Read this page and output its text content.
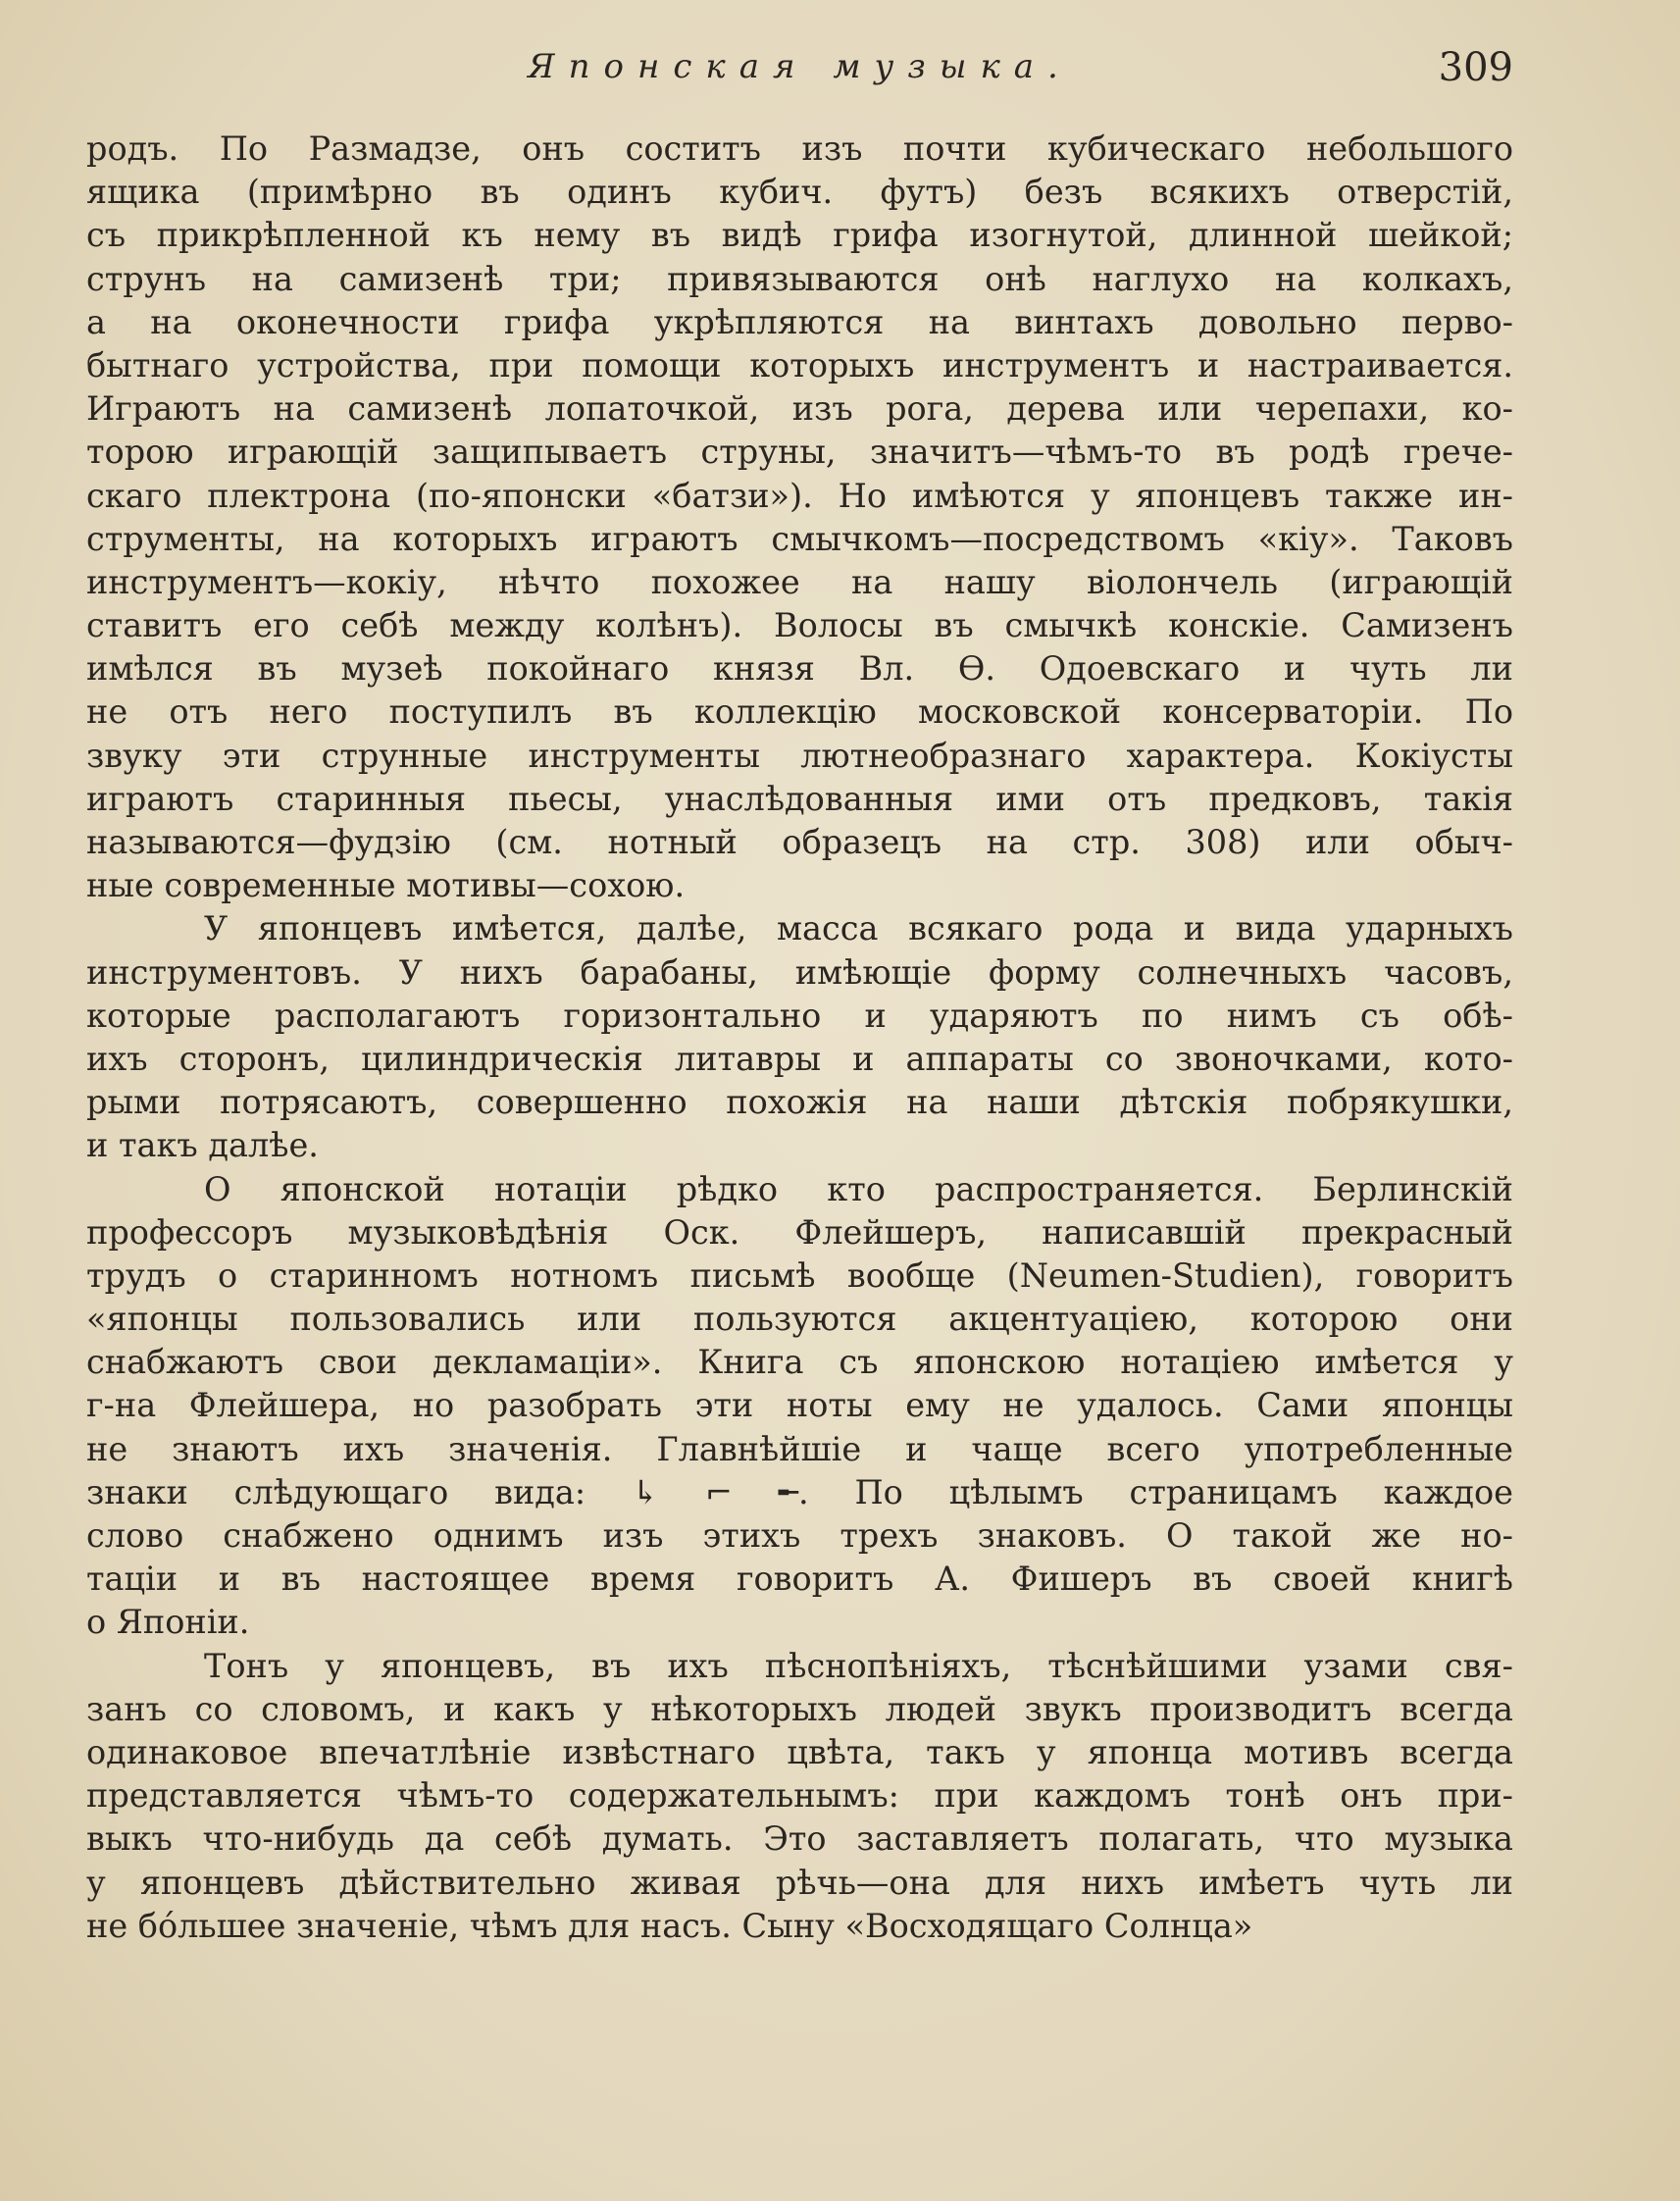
Японская музыка.	309
родъ. По Размадзе, онъ соститъ изъ почти кубическаго небольшого
ящика (примѣрно въ одинъ кубич. футъ) безъ всякихъ отверстій,
съ прикрѣпленной къ нему въ видѣ грифа изогнутой, длинной шейкой;
струнъ на самизенѣ три; привязываются онѣ наглухо на колкахъ,
а на оконечности грифа укрѣпляются на винтахъ довольно перво-
бытнаго устройства, при помощи которыхъ инструментъ и настраивается.
Играютъ на самизенѣ лопаточкой, изъ рога, дерева или черепахи, ко-
торою играющій защипываетъ струны, значитъ—чѣмъ-то въ родѣ грече-
скаго плектрона (по-японски «батзи»). Но имѣются у японцевъ также ин-
струменты, на которыхъ играютъ смычкомъ—посредствомъ «кіу». Таковъ
инструментъ—кокіу, нѣчто похожее на нашу віолончель (играющій
ставитъ его себѣ между колѣнъ). Волосы въ смычкѣ конскіе. Самизенъ
имѣлся въ музеѣ покойнаго князя Вл. Ѳ. Одоевскаго и чуть ли
не отъ него поступилъ въ коллекцію московской консерваторіи. По
звуку эти струнные инструменты лютнеобразнаго характера. Кокіусты
играютъ старинныя пьесы, унаслѣдованныя ими отъ предковъ, такія
называются—фудзію (см. нотный образецъ на стр. 308) или обыч-
ные современные мотивы—сохою.
У японцевъ имѣется, далѣе, масса всякаго рода и вида ударныхъ
инструментовъ. У нихъ барабаны, имѣющіе форму солнечныхъ часовъ,
которые располагаютъ горизонтально и ударяютъ по нимъ съ обѣ-
ихъ сторонъ, цилиндрическія литавры и аппараты со звоночками, кото-
рыми потрясаютъ, совершенно похожія на наши дѣтскія побрякушки,
и такъ далѣе.
О японской нотаціи рѣдко кто распространяется. Берлинскій
профессоръ музыковѣдѣнія Оск. Флейшеръ, написавшій прекрасный
трудъ о старинномъ нотномъ письмѣ вообще (Neumen-Studien), говоритъ
«японцы пользовались или пользуются акцентуаціею, которою они
снабжаютъ свои декламаціи». Книга съ японскою нотаціею имѣется у
г-на Флейшера, но разобрать эти ноты ему не удалось. Сами японцы
не знаютъ ихъ значенія. Главнѣйшіе и чаще всего употребленные
знаки слѣдующаго вида: ↳ ⌐ ╾. По цѣлымъ страницамъ каждое
слово снабжено однимъ изъ этихъ трехъ знаковъ. О такой же но-
таціи и въ настоящее время говоритъ А. Фишеръ въ своей книгѣ
о Японіи.
Тонъ у японцевъ, въ ихъ пѣснопѣніяхъ, тѣснѣйшими узами свя-
занъ со словомъ, и какъ у нѣкоторыхъ людей звукъ производитъ всегда
одинаковое впечатлѣніе извѣстнаго цвѣта, такъ у японца мотивъ всегда
представляется чѣмъ-то содержательнымъ: при каждомъ тонѣ онъ при-
выкъ что-нибудь да себѣ думать. Это заставляетъ полагать, что музыка
у японцевъ дѣйствительно живая рѣчь—она для нихъ имѣетъ чуть ли
не бóльшее значеніе, чѣмъ для насъ. Сыну «Восходящаго Солнца»
